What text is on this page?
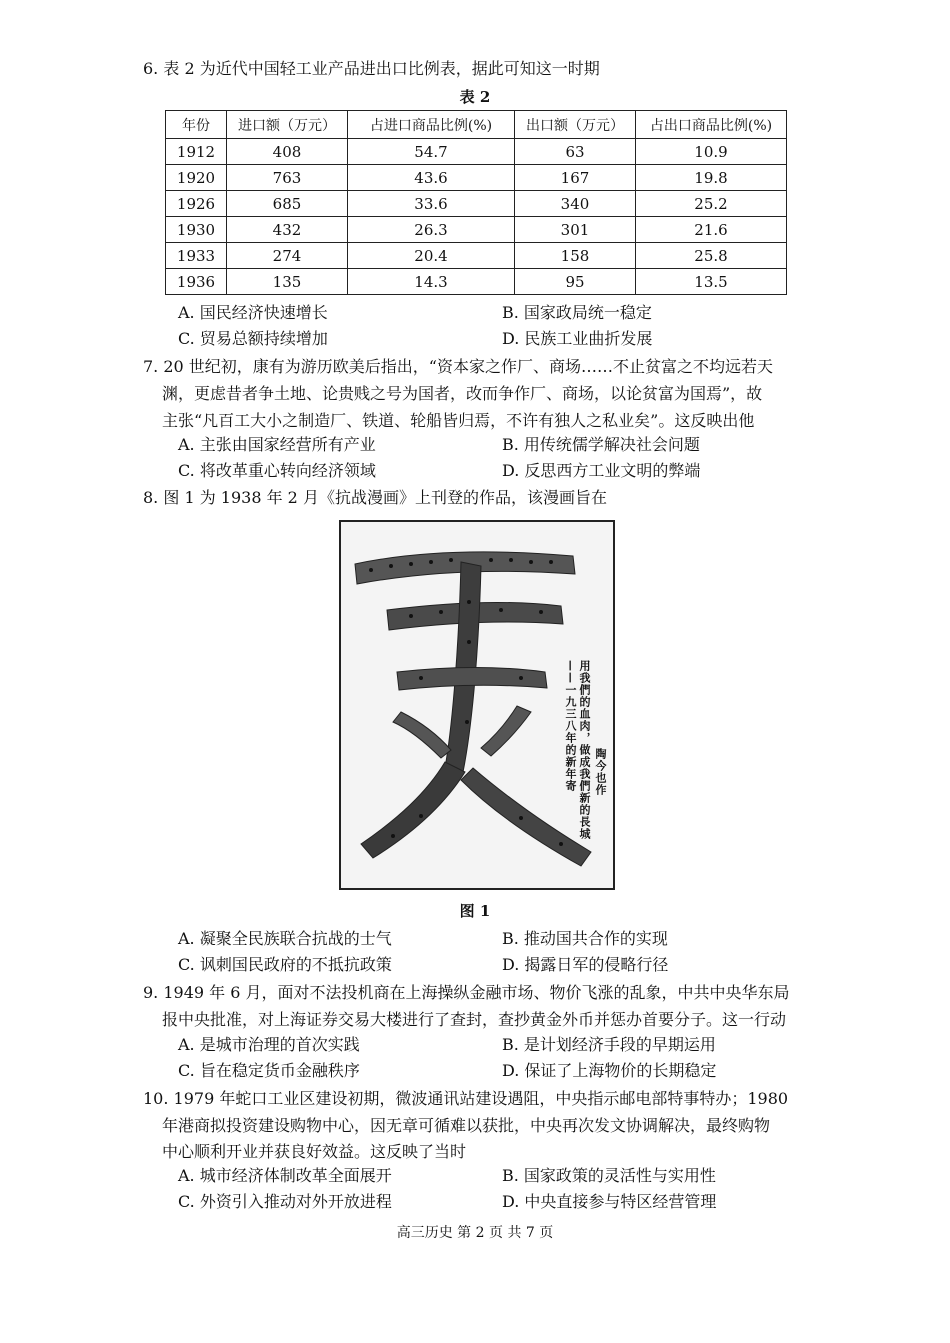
6. 表 2 为近代中国轻工业产品进出口比例表，据此可知这一时期
表 2
年份	进口额（万元）	占进口商品比例(%)	出口额（万元）	占出口商品比例(%)
1912	408	54.7	63	10.9
1920	763	43.6	167	19.8
1926	685	33.6	340	25.2
1930	432	26.3	301	21.6
1933	274	20.4	158	25.8
1936	135	14.3	95	13.5
A. 国民经济快速增长	B. 国家政局统一稳定
C. 贸易总额持续增加	D. 民族工业曲折发展
7. 20 世纪初，康有为游历欧美后指出，“资本家之作厂、商场……不止贫富之不均远若天
渊，更虑昔者争土地、论贵贱之号为国者，改而争作厂、商场，以论贫富为国焉”，故
主张“凡百工大小之制造厂、铁道、轮船皆归焉，不许有独人之私业矣”。这反映出他
A. 主张由国家经营所有产业	B. 用传统儒学解决社会问题
C. 将改革重心转向经济领域	D. 反思西方工业文明的弊端
8. 图 1 为 1938 年 2 月《抗战漫画》上刊登的作品，该漫画旨在
用我們的血肉，做成我們新的長城——一九三八年的新年寄	陶今也作
图 1
A. 凝聚全民族联合抗战的士气	B. 推动国共合作的实现
C. 讽刺国民政府的不抵抗政策	D. 揭露日军的侵略行径
9. 1949 年 6 月，面对不法投机商在上海操纵金融市场、物价飞涨的乱象，中共中央华东局
报中央批准，对上海证券交易大楼进行了查封，查抄黄金外币并惩办首要分子。这一行动
A. 是城市治理的首次实践	B. 是计划经济手段的早期运用
C. 旨在稳定货币金融秩序	D. 保证了上海物价的长期稳定
10. 1979 年蛇口工业区建设初期，微波通讯站建设遇阻，中央指示邮电部特事特办；1980
年港商拟投资建设购物中心，因无章可循难以获批，中央再次发文协调解决，最终购物
中心顺利开业并获良好效益。这反映了当时
A. 城市经济体制改革全面展开	B. 国家政策的灵活性与实用性
C. 外资引入推动对外开放进程	D. 中央直接参与特区经营管理
高三历史 第 2 页 共 7 页
